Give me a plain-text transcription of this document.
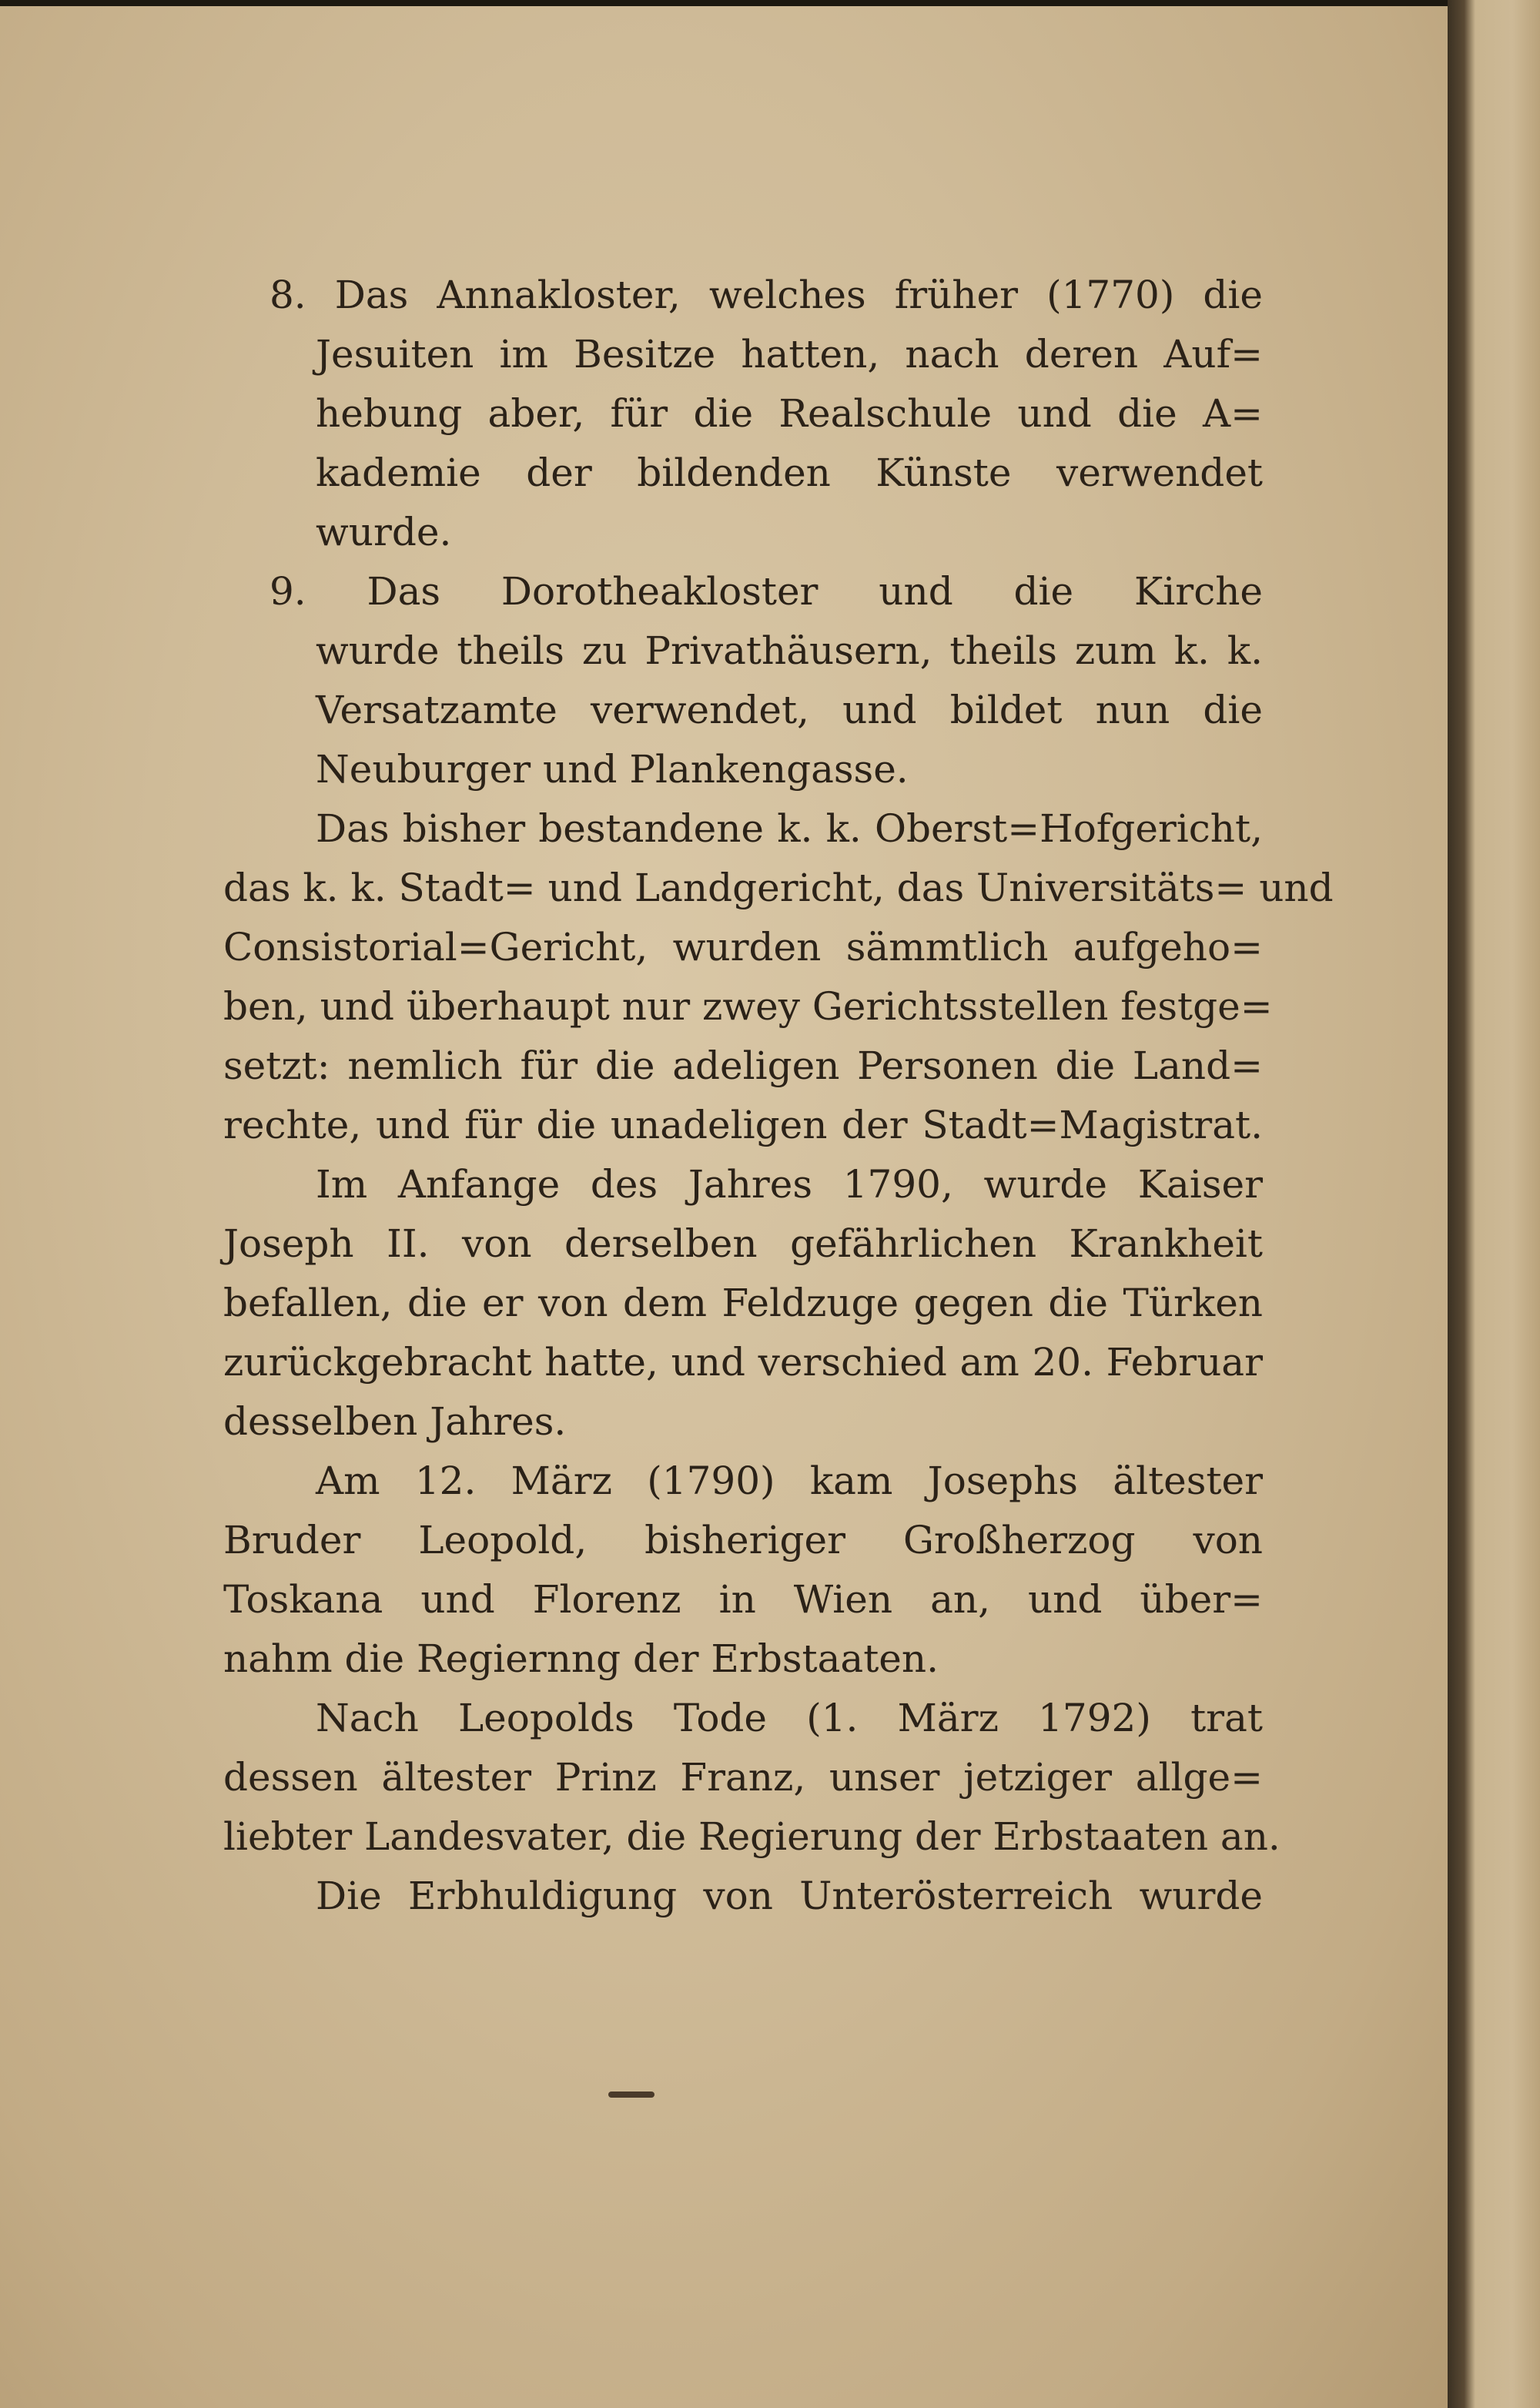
8. Das Annakloster, welches früher (1770) die
Jesuiten im Besitze hatten, nach deren Auf=
hebung aber, für die Realschule und die A=
kademie der bildenden Künste verwendet
wurde.
9. Das Dorotheakloster und die Kirche
wurde theils zu Privathäusern, theils zum k. k.
Versatzamte verwendet, und bildet nun die
Neuburger und Plankengasse.
Das bisher bestandene k. k. Oberst=Hofgericht,
das k. k. Stadt= und Landgericht, das Universitäts= und
Consistorial=Gericht, wurden sämmtlich aufgeho=
ben, und überhaupt nur zwey Gerichtsstellen festge=
setzt: nemlich für die adeligen Personen die Land=
rechte, und für die unadeligen der Stadt=Magistrat.
Im Anfange des Jahres 1790, wurde Kaiser
Joseph II. von derselben gefährlichen Krankheit
befallen, die er von dem Feldzuge gegen die Türken
zurückgebracht hatte, und verschied am 20. Februar
desselben Jahres.
Am 12. März (1790) kam Josephs ältester
Bruder Leopold, bisheriger Großherzog von
Toskana und Florenz in Wien an, und über=
nahm die Regiernng der Erbstaaten.
Nach Leopolds Tode (1. März 1792) trat
dessen ältester Prinz Franz, unser jetziger allge=
liebter Landesvater, die Regierung der Erbstaaten an.
Die Erbhuldigung von Unterösterreich wurde
